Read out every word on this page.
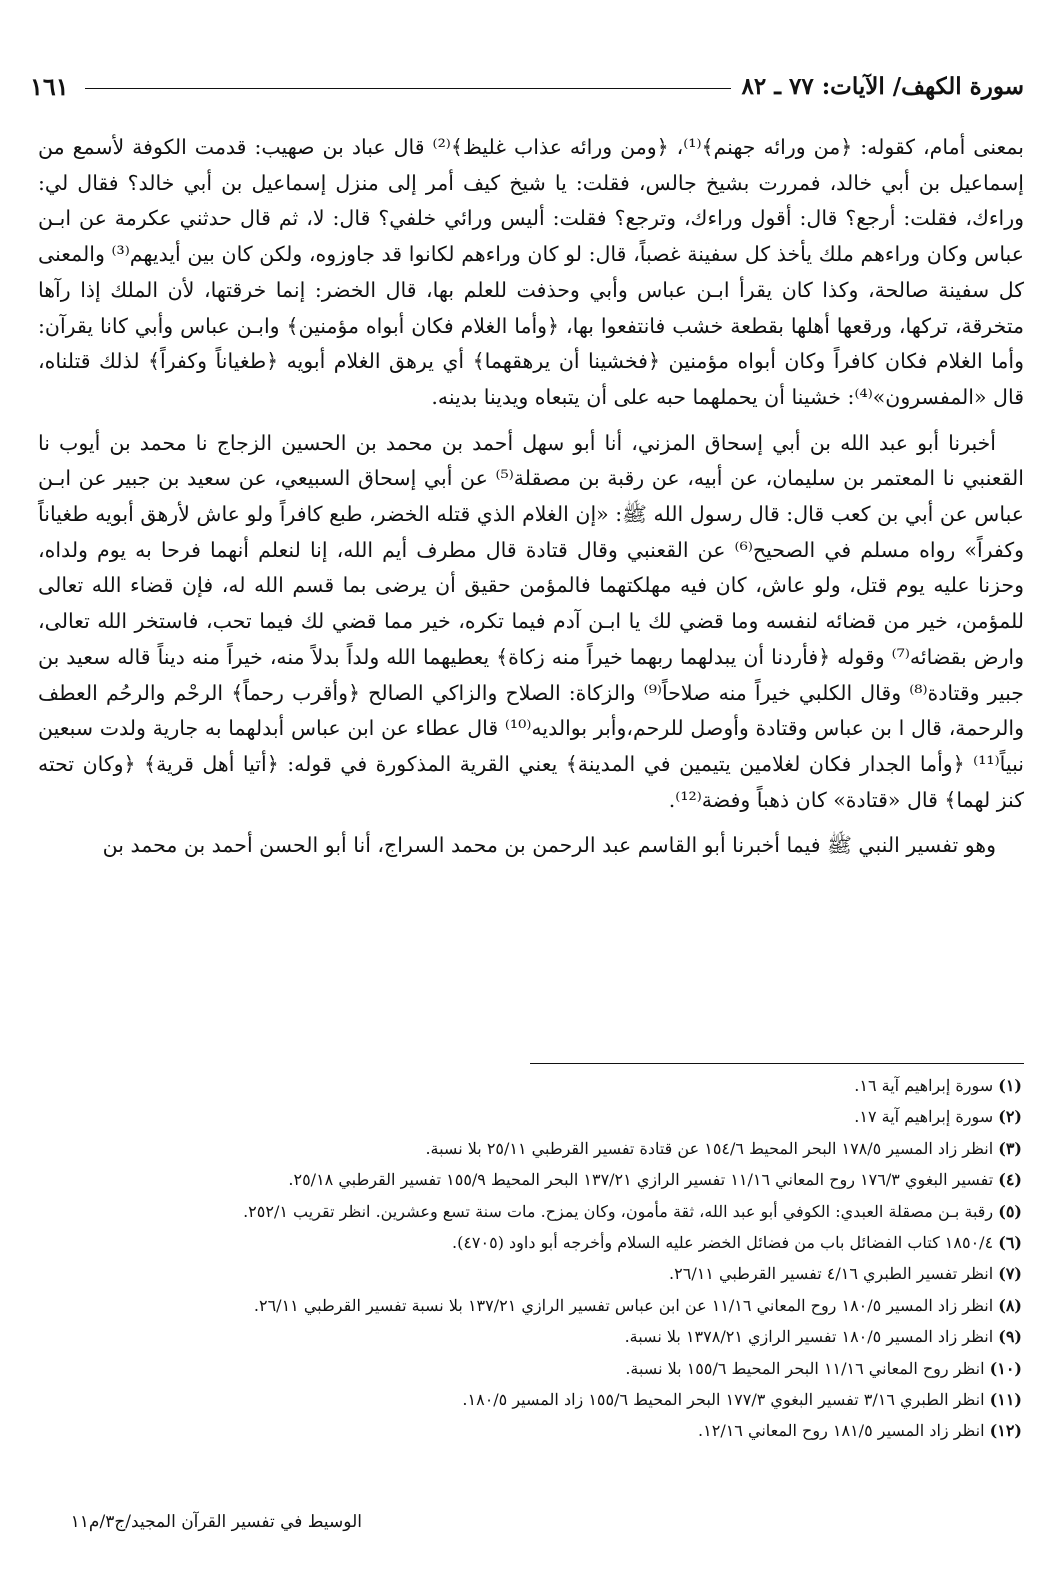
سورة الكهف/ الآيات: ٧٧ ـ ٨٢
١٦١

بمعنى أمام، كقوله: ﴿من ورائه جهنم﴾⁽¹⁾، ﴿ومن ورائه عذاب غليظ﴾⁽²⁾ قال عباد بن صهيب: قدمت الكوفة لأسمع من إسماعيل بن أبي خالد، فمررت بشيخ جالس، فقلت: يا شيخ كيف أمر إلى منزل إسماعيل بن أبي خالد؟ فقال لي: وراءك، فقلت: أرجع؟ قال: أقول وراءك، وترجع؟ فقلت: أليس ورائي خلفي؟ قال: لا، ثم قال حدثني عكرمة عن ابـن عباس وكان وراءهم ملك يأخذ كل سفينة غصباً، قال: لو كان وراءهم لكانوا قد جاوزوه، ولكن كان بين أيديهم⁽³⁾ والمعنى كل سفينة صالحة، وكذا كان يقرأ ابـن عباس وأبي وحذفت للعلم بها، قال الخضر: إنما خرقتها، لأن الملك إذا رآها متخرقة، تركها، ورقعها أهلها بقطعة خشب فانتفعوا بها، ﴿وأما الغلام فكان أبواه مؤمنين﴾ وابـن عباس وأبي كانا يقرآن: وأما الغلام فكان كافراً وكان أبواه مؤمنين ﴿فخشينا أن يرهقهما﴾ أي يرهق الغلام أبويه ﴿طغياناً وكفراً﴾ لذلك قتلناه، قال «المفسرون»⁽⁴⁾: خشينا أن يحملهما حبه على أن يتبعاه ويدينا بدينه.

أخبرنا أبو عبد الله بن أبي إسحاق المزني، أنا أبو سهل أحمد بن محمد بن الحسين الزجاج نا محمد بن أيوب نا القعنبي نا المعتمر بن سليمان، عن أبيه، عن رقبة بن مصقلة⁽⁵⁾ عن أبي إسحاق السبيعي، عن سعيد بن جبير عن ابـن عباس عن أبي بن كعب قال: قال رسول الله ﷺ: «إن الغلام الذي قتله الخضر، طبع كافراً ولو عاش لأرهق أبويه طغياناً وكفراً» رواه مسلم في الصحيح⁽⁶⁾ عن القعنبي وقال قتادة قال مطرف أيم الله، إنا لنعلم أنهما فرحا به يوم ولداه، وحزنا عليه يوم قتل، ولو عاش، كان فيه مهلكتهما فالمؤمن حقيق أن يرضى بما قسم الله له، فإن قضاء الله تعالى للمؤمن، خير من قضائه لنفسه وما قضي لك يا ابـن آدم فيما تكره، خير مما قضي لك فيما تحب، فاستخر الله تعالى، وارض بقضائه⁽⁷⁾ وقوله ﴿فأردنا أن يبدلهما ربهما خيراً منه زكاة﴾ يعطيهما الله ولداً بدلاً منه، خيراً منه ديناً قاله سعيد بن جبير وقتادة⁽⁸⁾ وقال الكلبي خيراً منه صلاحاً⁽⁹⁾ والزكاة: الصلاح والزاكي الصالح ﴿وأقرب رحماً﴾ الرحْم والرحُم العطف والرحمة، قال ا بن عباس وقتادة وأوصل للرحم،وأبر بوالديه⁽¹⁰⁾ قال عطاء عن ابن عباس أبدلهما به جارية ولدت سبعين نبياً⁽¹¹⁾ ﴿وأما الجدار فكان لغلامين يتيمين في المدينة﴾ يعني القرية المذكورة في قوله: ﴿أتيا أهل قرية﴾ ﴿وكان تحته كنز لهما﴾ قال «قتادة» كان ذهباً وفضة⁽¹²⁾.

وهو تفسير النبي ﷺ فيما أخبرنا أبو القاسم عبد الرحمن بن محمد السراج، أنا أبو الحسن أحمد بن محمد بن

(١) سورة إبراهيم آية ١٦.

(٢) سورة إبراهيم آية ١٧.

(٣) انظر زاد المسير ١٧٨/٥ البحر المحيط ١٥٤/٦ عن قتادة تفسير القرطبي ٢٥/١١ بلا نسبة.

(٤) تفسير البغوي ١٧٦/٣ روح المعاني ١١/١٦ تفسير الرازي ١٣٧/٢١ البحر المحيط ١٥٥/٩ تفسير القرطبي ٢٥/١٨.

(٥) رقبة بـن مصقلة العبدي: الكوفي أبو عبد الله، ثقة مأمون، وكان يمزح. مات سنة تسع وعشرين. انظر تقريب ٢٥٢/١.

(٦) ١٨٥٠/٤ كتاب الفضائل باب من فضائل الخضر عليه السلام وأخرجه أبو داود (٤٧٠٥).

(٧) انظر تفسير الطبري ٤/١٦ تفسير القرطبي ٢٦/١١.

(٨) انظر زاد المسير ١٨٠/٥ روح المعاني ١١/١٦ عن ابن عباس تفسير الرازي ١٣٧/٢١ بلا نسبة تفسير القرطبي ٢٦/١١.

(٩) انظر زاد المسير ١٨٠/٥ تفسير الرازي ١٣٧٨/٢١ بلا نسبة.

(١٠) انظر روح المعاني ١١/١٦ البحر المحيط ١٥٥/٦ بلا نسبة.

(١١) انظر الطبري ٣/١٦ تفسير البغوي ١٧٧/٣ البحر المحيط ١٥٥/٦ زاد المسير ١٨٠/٥.

(١٢) انظر زاد المسير ١٨١/٥ روح المعاني ١٢/١٦.

الوسيط في تفسير القرآن المجيد/ج٣/م١١
